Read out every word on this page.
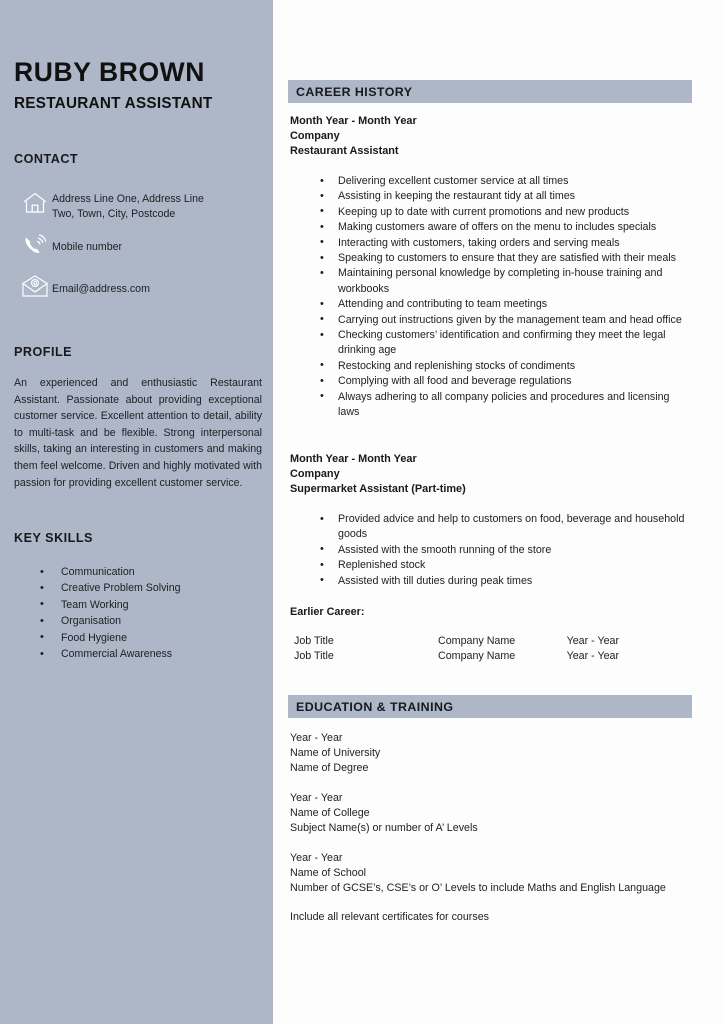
RUBY BROWN
RESTAURANT ASSISTANT
CONTACT
Address Line One, Address Line
Two, Town, City, Postcode
Mobile number
Email@address.com
PROFILE

An experienced and enthusiastic Restaurant Assistant. Passionate about providing exceptional customer service. Excellent attention to detail, ability to multi-task and be flexible. Strong interpersonal skills, taking an interesting in customers and making them feel welcome. Driven and highly motivated with passion for providing excellent customer service.

KEY SKILLS
• Communication
• Creative Problem Solving
• Team Working
• Organisation
• Food Hygiene
• Commercial Awareness
CAREER HISTORY
Month Year - Month Year
Company
Restaurant Assistant
• Delivering excellent customer service at all times
• Assisting in keeping the restaurant tidy at all times
• Keeping up to date with current promotions and new products
• Making customers aware of offers on the menu to includes specials
• Interacting with customers, taking orders and serving meals
• Speaking to customers to ensure that they are satisfied with their meals
• Maintaining personal knowledge by completing in-house training and workbooks
• Attending and contributing to team meetings
• Carrying out instructions given by the management team and head office
• Checking customers’ identification and confirming they meet the legal drinking age
• Restocking and replenishing stocks of condiments
• Complying with all food and beverage regulations
• Always adhering to all company policies and procedures and licensing laws
Month Year - Month Year
Company
Supermarket Assistant (Part-time)
• Provided advice and help to customers on food, beverage and household goods
• Assisted with the smooth running of the store
• Replenished stock
• Assisted with till duties during peak times
Earlier Career:
Job Title	Company Name	Year - Year
Job Title	Company Name	Year - Year
EDUCATION & TRAINING
Year - Year
Name of University
Name of Degree
Year - Year
Name of College
Subject Name(s) or number of A’ Levels
Year - Year
Name of School
Number of GCSE’s, CSE’s or O’ Levels to include Maths and English Language
Include all relevant certificates for courses
